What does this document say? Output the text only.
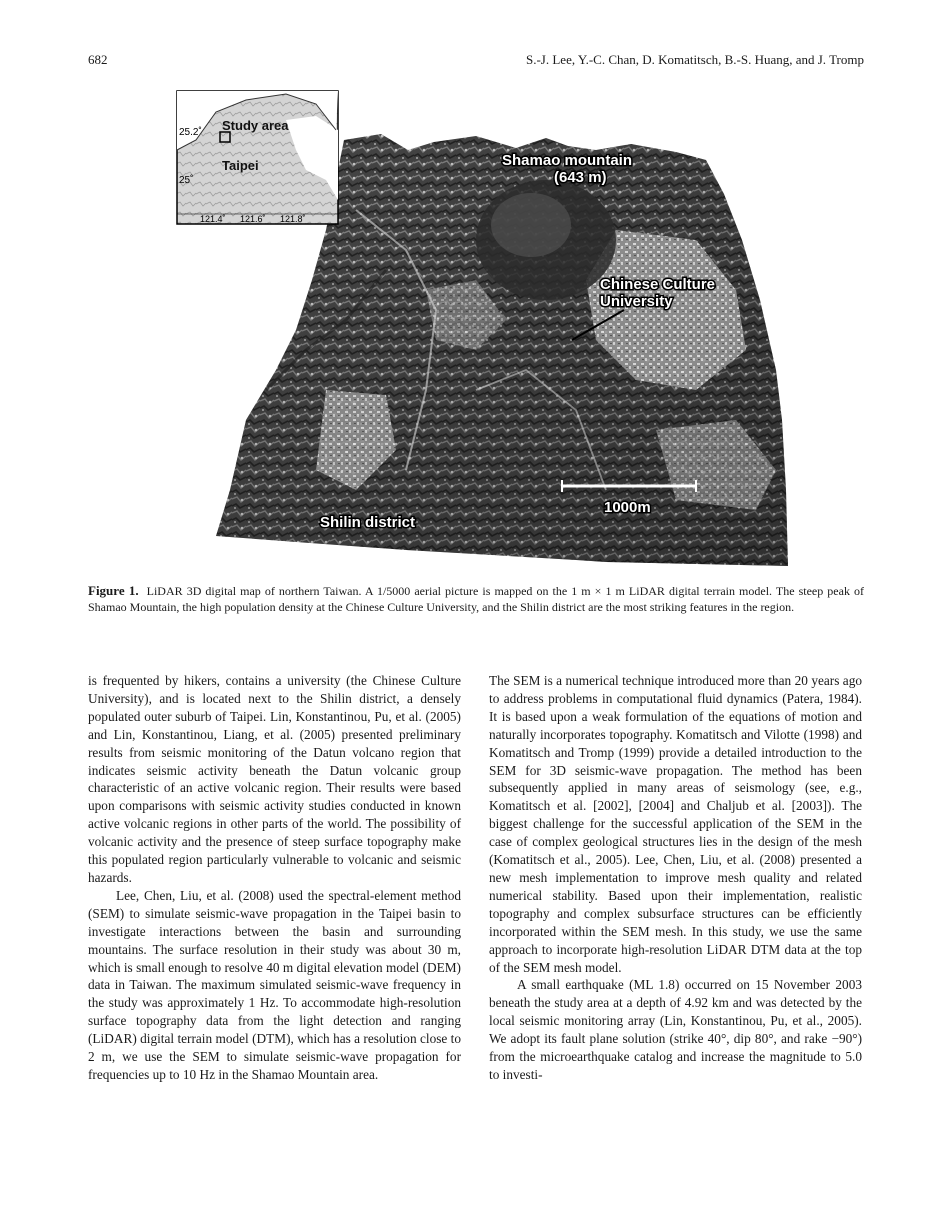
682	S.-J. Lee, Y.-C. Chan, D. Komatitsch, B.-S. Huang, and J. Tromp
25.2˚
25˚
121.4˚ 121.6˚ 121.8˚
Study area
Taipei	Shamao mountain
(643 m)
Chinese Culture
University
1000m
Shilin district
Figure 1. LiDAR 3D digital map of northern Taiwan. A 1/5000 aerial picture is mapped on the 1 m × 1 m LiDAR digital terrain model. The steep peak of Shamao Mountain, the high population density at the Chinese Culture University, and the Shilin district are the most striking features in the region.

is frequented by hikers, contains a university (the Chinese Culture University), and is located next to the Shilin district, a densely populated outer suburb of Taipei. Lin, Konstantinou, Pu, et al. (2005) and Lin, Konstantinou, Liang, et al. (2005) presented preliminary results from seismic monitoring of the Datun volcano region that indicates seismic activity beneath the Datun volcanic group characteristic of an active volcanic region. Their results were based upon comparisons with seismic activity studies conducted in known active volcanic regions in other parts of the world. The possibility of volcanic activity and the presence of steep surface topography make this populated region particularly vulnerable to volcanic and seismic hazards.

Lee, Chen, Liu, et al. (2008) used the spectral-element method (SEM) to simulate seismic-wave propagation in the Taipei basin to investigate interactions between the basin and surrounding mountains. The surface resolution in their study was about 30 m, which is small enough to resolve 40 m digital elevation model (DEM) data in Taiwan. The maximum simulated seismic-wave frequency in the study was approximately 1 Hz. To accommodate high-resolution surface topography data from the light detection and ranging (LiDAR) digital terrain model (DTM), which has a resolution close to 2 m, we use the SEM to simulate seismic-wave propagation for frequencies up to 10 Hz in the Shamao Mountain area.

The SEM is a numerical technique introduced more than 20 years ago to address problems in computational fluid dynamics (Patera, 1984). It is based upon a weak formulation of the equations of motion and naturally incorporates topography. Komatitsch and Vilotte (1998) and Komatitsch and Tromp (1999) provide a detailed introduction to the SEM for 3D seismic-wave propagation. The method has been subsequently applied in many areas of seismology (see, e.g., Komatitsch et al. [2002], [2004] and Chaljub et al. [2003]). The biggest challenge for the successful application of the SEM in the case of complex geological structures lies in the design of the mesh (Komatitsch et al., 2005). Lee, Chen, Liu, et al. (2008) presented a new mesh implementation to improve mesh quality and related numerical stability. Based upon their implementation, realistic topography and complex subsurface structures can be efficiently incorporated within the SEM mesh. In this study, we use the same approach to incorporate high-resolution LiDAR DTM data at the top of the SEM mesh model.

A small earthquake (ML 1.8) occurred on 15 November 2003 beneath the study area at a depth of 4.92 km and was detected by the local seismic monitoring array (Lin, Konstantinou, Pu, et al., 2005). We adopt its fault plane solution (strike 40°, dip 80°, and rake −90°) from the microearthquake catalog and increase the magnitude to 5.0 to investi-
